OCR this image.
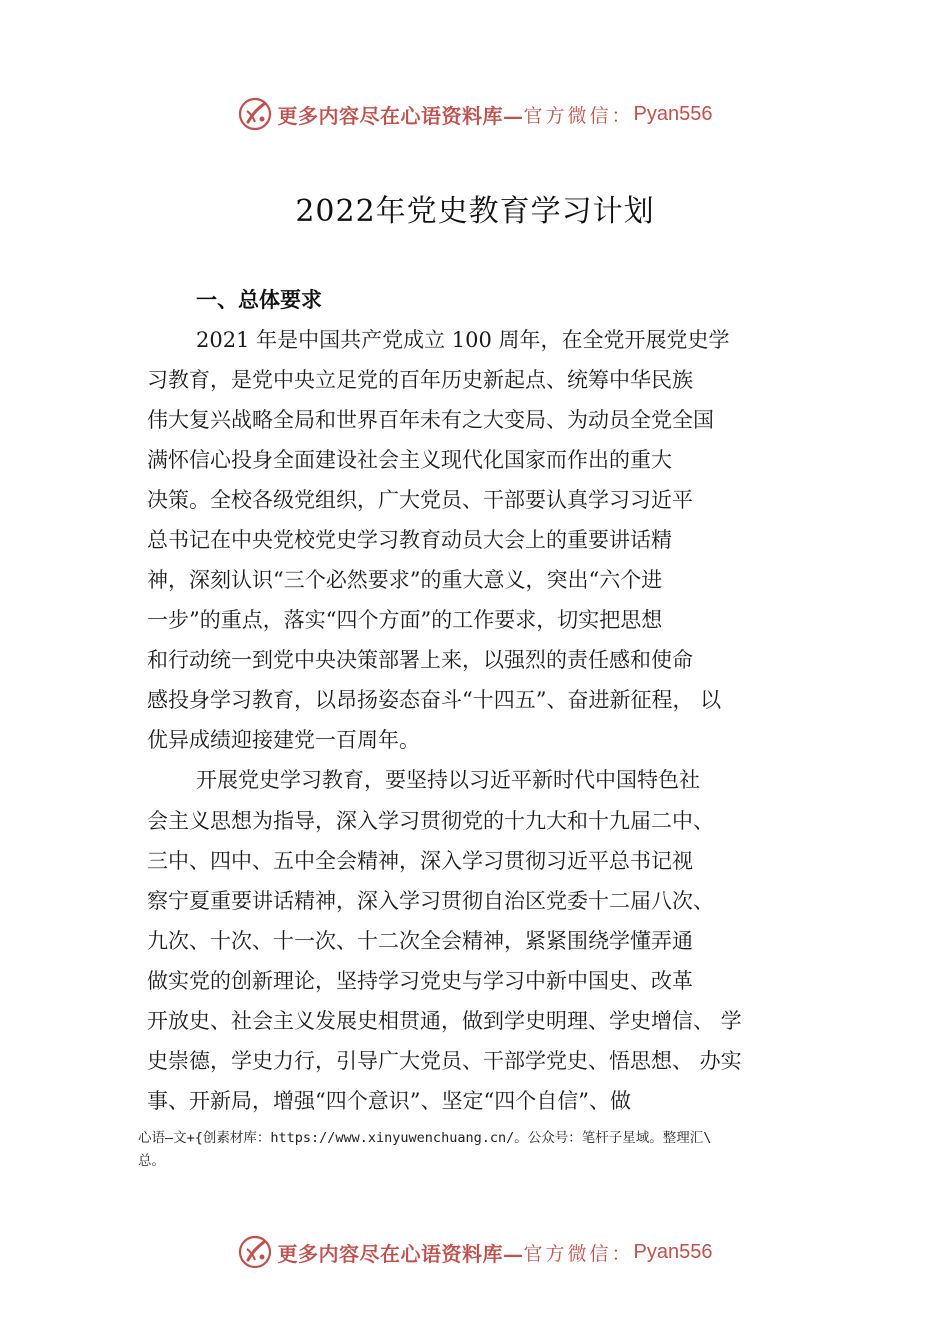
更多内容尽在心语资料库— 官方微信： Pyan556
2022年党史教育学习计划
一、总体要求
2021 年是中国共产党成立 100 周年，在全党开展党史学
习教育，是党中央立足党的百年历史新起点、统筹中华民族
伟大复兴战略全局和世界百年未有之大变局、为动员全党全国
满怀信心投身全面建设社会主义现代化国家而作出的重大
决策。全校各级党组织，广大党员、干部要认真学习习近平
总书记在中央党校党史学习教育动员大会上的重要讲话精
神，深刻认识“三个必然要求”的重大意义，突出“六个进
一步”的重点，落实“四个方面”的工作要求，切实把思想
和行动统一到党中央决策部署上来，以强烈的责任感和使命
感投身学习教育，以昂扬姿态奋斗“十四五”、奋进新征程， 以
优异成绩迎接建党一百周年。
开展党史学习教育，要坚持以习近平新时代中国特色社
会主义思想为指导，深入学习贯彻党的十九大和十九届二中、
三中、四中、五中全会精神，深入学习贯彻习近平总书记视
察宁夏重要讲话精神，深入学习贯彻自治区党委十二届八次、
九次、十次、十一次、十二次全会精神，紧紧围绕学懂弄通
做实党的创新理论，坚持学习党史与学习中新中国史、改革
开放史、社会主义发展史相贯通，做到学史明理、学史增信、 学
史崇德，学史力行，引导广大党员、干部学党史、悟思想、 办实
事、开新局，增强“四个意识”、坚定“四个自信”、做
心语—文+{创素材库：https://www.xinyuwenchuang.cn/。公众号：笔杆子星域。整理汇\
总。
更多内容尽在心语资料库— 官方微信： Pyan556
